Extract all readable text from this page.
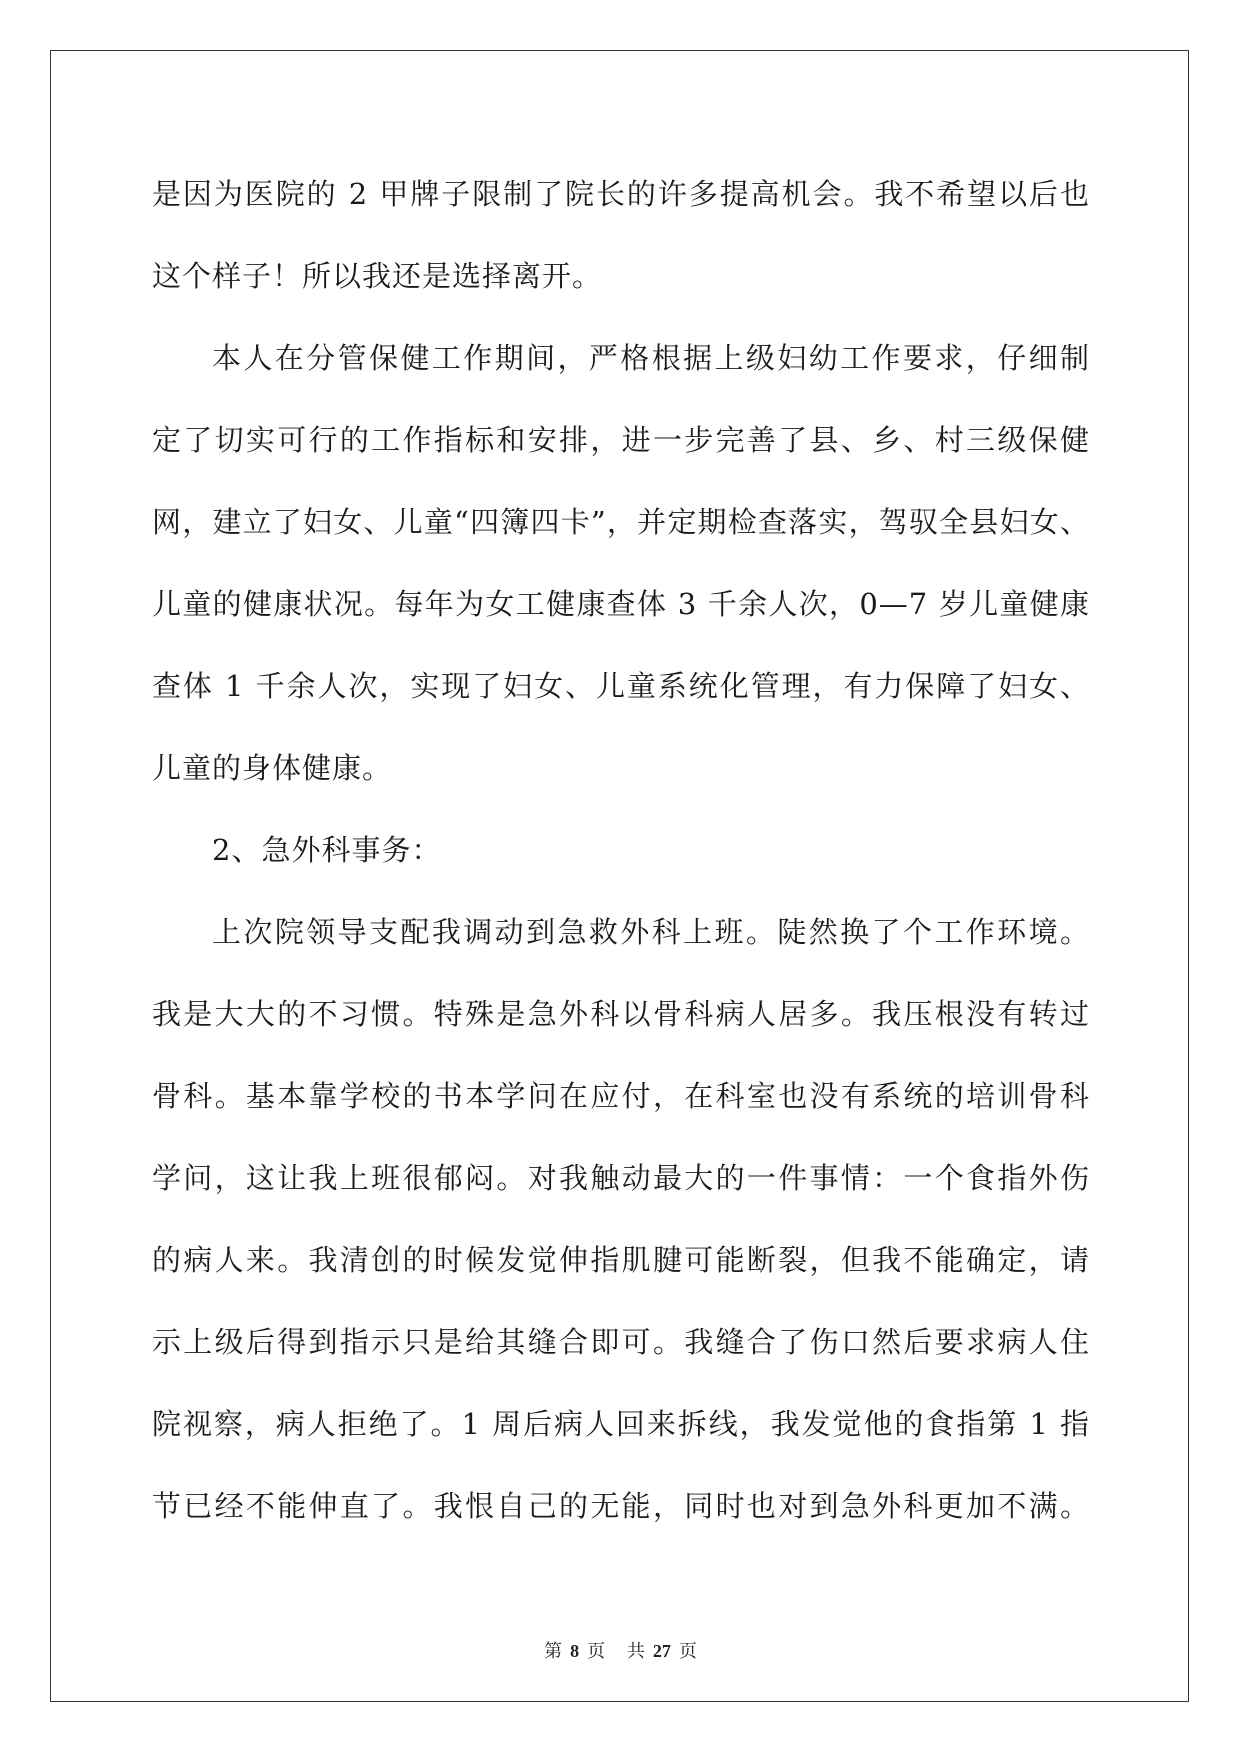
是因为医院的 2 甲牌子限制了院长的许多提高机会。我不希望以后也
这个样子！所以我还是选择离开。
本人在分管保健工作期间，严格根据上级妇幼工作要求，仔细制
定了切实可行的工作指标和安排，进一步完善了县、乡、村三级保健
网，建立了妇女、儿童“四簿四卡”，并定期检查落实，驾驭全县妇女、
儿童的健康状况。每年为女工健康查体 3 千余人次，0—7 岁儿童健康
查体 1 千余人次，实现了妇女、儿童系统化管理，有力保障了妇女、
儿童的身体健康。
2、急外科事务：
上次院领导支配我调动到急救外科上班。陡然换了个工作环境。
我是大大的不习惯。特殊是急外科以骨科病人居多。我压根没有转过
骨科。基本靠学校的书本学问在应付，在科室也没有系统的培训骨科
学问，这让我上班很郁闷。对我触动最大的一件事情：一个食指外伤
的病人来。我清创的时候发觉伸指肌腱可能断裂，但我不能确定，请
示上级后得到指示只是给其缝合即可。我缝合了伤口然后要求病人住
院视察，病人拒绝了。1 周后病人回来拆线，我发觉他的食指第 1 指
节已经不能伸直了。我恨自己的无能，同时也对到急外科更加不满。
第 8 页 共 27 页
